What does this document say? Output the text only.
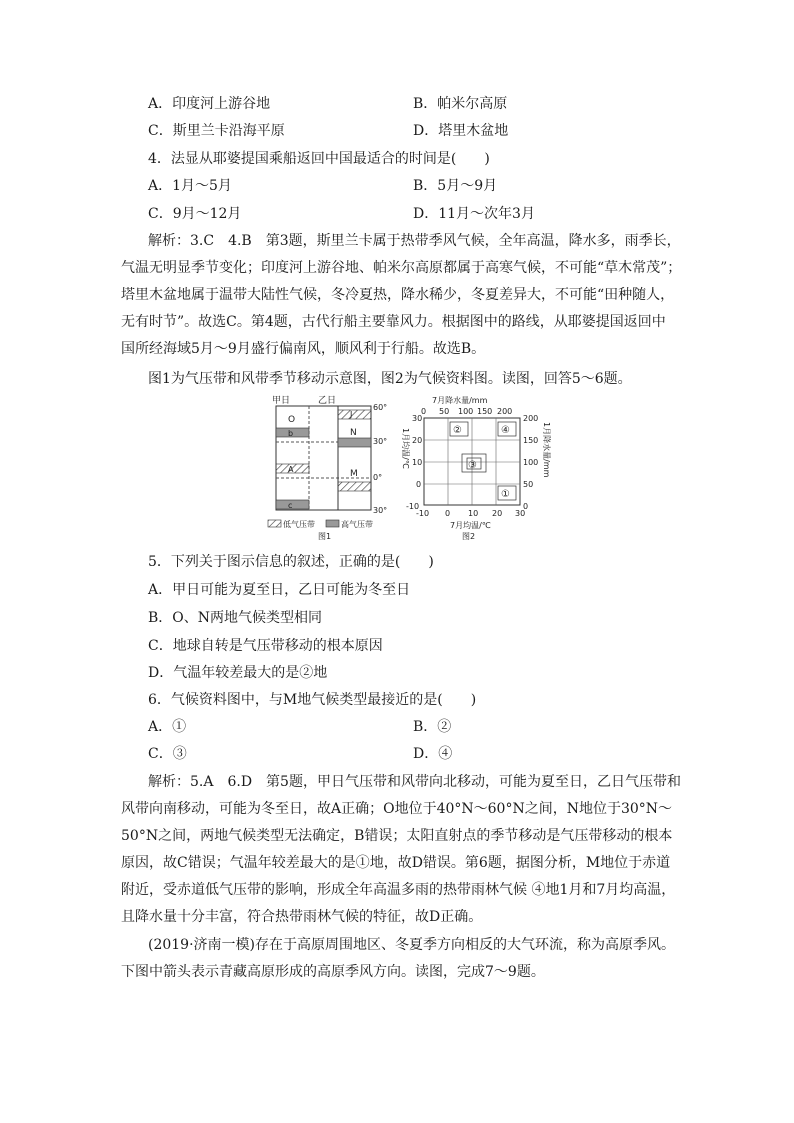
A．印度河上游谷地	B．帕米尔高原
C．斯里兰卡沿海平原	D．塔里木盆地
4．法显从耶婆提国乘船返回中国最适合的时间是(　　)
A．1月～5月	B．5月～9月
C．9月～12月	D．11月～次年3月
解析：3.C　4.B　第3题，斯里兰卡属于热带季风气候，全年高温，降水多，雨季长，
气温无明显季节变化；印度河上游谷地、帕米尔高原都属于高寒气候，不可能“草木常茂”；
塔里木盆地属于温带大陆性气候，冬冷夏热，降水稀少，冬夏差异大，不可能“田种随人，
无有时节”。故选C。第4题，古代行船主要靠风力。根据图中的路线，从耶婆提国返回中
国所经海域5月～9月盛行偏南风，顺风利于行船。故选B。
图1为气压带和风带季节移动示意图，图2为气候资料图。读图，回答5～6题。
甲日	乙日
O
b
A
c
J
N
M
60°
30°
0°
30°
低气压带	高气压带
图1
7月降水量/mm
0 50 100 150 200
30
20
10
0
-10
200
150
100
50
0
-10 0 10 20 30
1月均温/℃	1月降水量/mm
7月均温/℃
②	④
③
①
图2
5．下列关于图示信息的叙述，正确的是(　　)
A．甲日可能为夏至日，乙日可能为冬至日
B．O、N两地气候类型相同
C．地球自转是气压带移动的根本原因
D．气温年较差最大的是②地
6．气候资料图中，与M地气候类型最接近的是(　　)
A．①	B．②
C．③	D．④
解析：5.A　6.D　第5题，甲日气压带和风带向北移动，可能为夏至日，乙日气压带和
风带向南移动，可能为冬至日，故A正确；O地位于40°N～60°N之间，N地位于30°N～
50°N之间，两地气候类型无法确定，B错误；太阳直射点的季节移动是气压带移动的根本
原因，故C错误；气温年较差最大的是①地，故D错误。第6题，据图分析，M地位于赤道
附近，受赤道低气压带的影响，形成全年高温多雨的热带雨林气候 ④地1月和7月均高温，
且降水量十分丰富，符合热带雨林气候的特征，故D正确。
(2019·济南一模)存在于高原周围地区、冬夏季方向相反的大气环流，称为高原季风。
下图中箭头表示青藏高原形成的高原季风方向。读图，完成7～9题。
